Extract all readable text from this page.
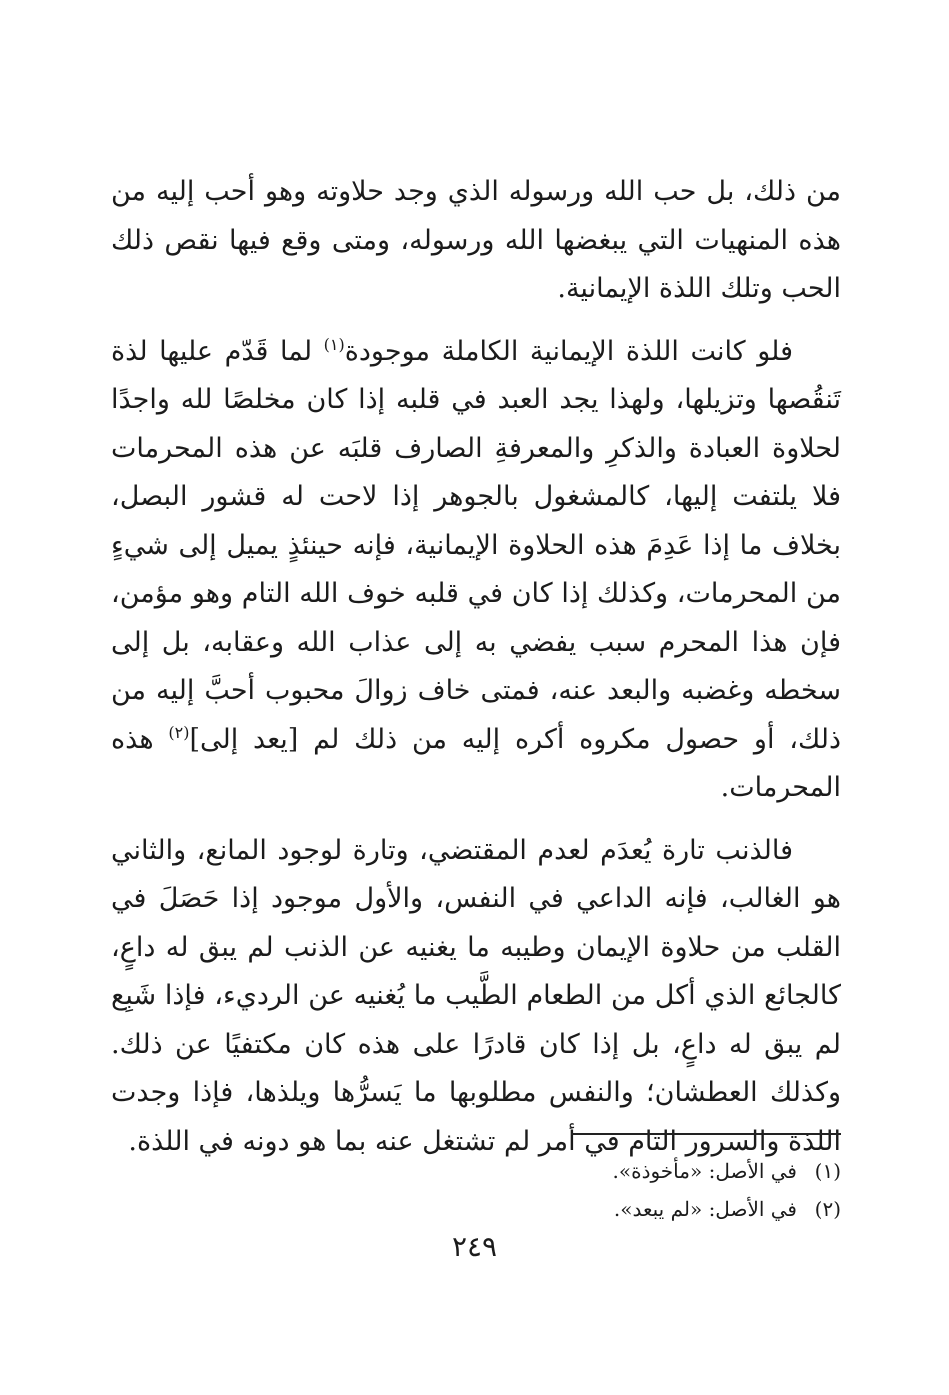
من ذلك، بل حب الله ورسوله الذي وجد حلاوته وهو أحب إليه من هذه المنهيات التي يبغضها الله ورسوله، ومتى وقع فيها نقص ذلك الحب وتلك اللذة الإيمانية.

فلو كانت اللذة الإيمانية الكاملة موجودة$^{(١)}$ لما قَدّم عليها لذة تَنقُصها وتزيلها، ولهذا يجد العبد في قلبه إذا كان مخلصًا لله واجدًا لحلاوة العبادة والذكرِ والمعرفةِ الصارف قلبَه عن هذه المحرمات فلا يلتفت إليها، كالمشغول بالجوهر إذا لاحت له قشور البصل، بخلاف ما إذا عَدِمَ هذه الحلاوة الإيمانية، فإنه حينئذٍ يميل إلى شيءٍ من المحرمات، وكذلك إذا كان في قلبه خوف الله التام وهو مؤمن، فإن هذا المحرم سبب يفضي به إلى عذاب الله وعقابه، بل إلى سخطه وغضبه والبعد عنه، فمتى خاف زوالَ محبوب أحبَّ إليه من ذلك، أو حصول مكروه أكره إليه من ذلك لم [يعد إلى]$^{(٢)}$ هذه المحرمات.

فالذنب تارة يُعدَم لعدم المقتضي، وتارة لوجود المانع، والثاني هو الغالب، فإنه الداعي في النفس، والأول موجود إذا حَصَلَ في القلب من حلاوة الإيمان وطيبه ما يغنيه عن الذنب لم يبق له داعٍ، كالجائع الذي أكل من الطعام الطَّيب ما يُغنيه عن الرديء، فإذا شَبِع لم يبق له داعٍ، بل إذا كان قادرًا على هذه كان مكتفيًا عن ذلك. وكذلك العطشان؛ والنفس مطلوبها ما يَسرُّها ويلذها، فإذا وجدت اللذة والسرور التام في أمر لم تشتغل عنه بما هو دونه في اللذة.

(١)في الأصل: «مأخوذة».

(٢)في الأصل: «لم يبعد».

٢٤٩
